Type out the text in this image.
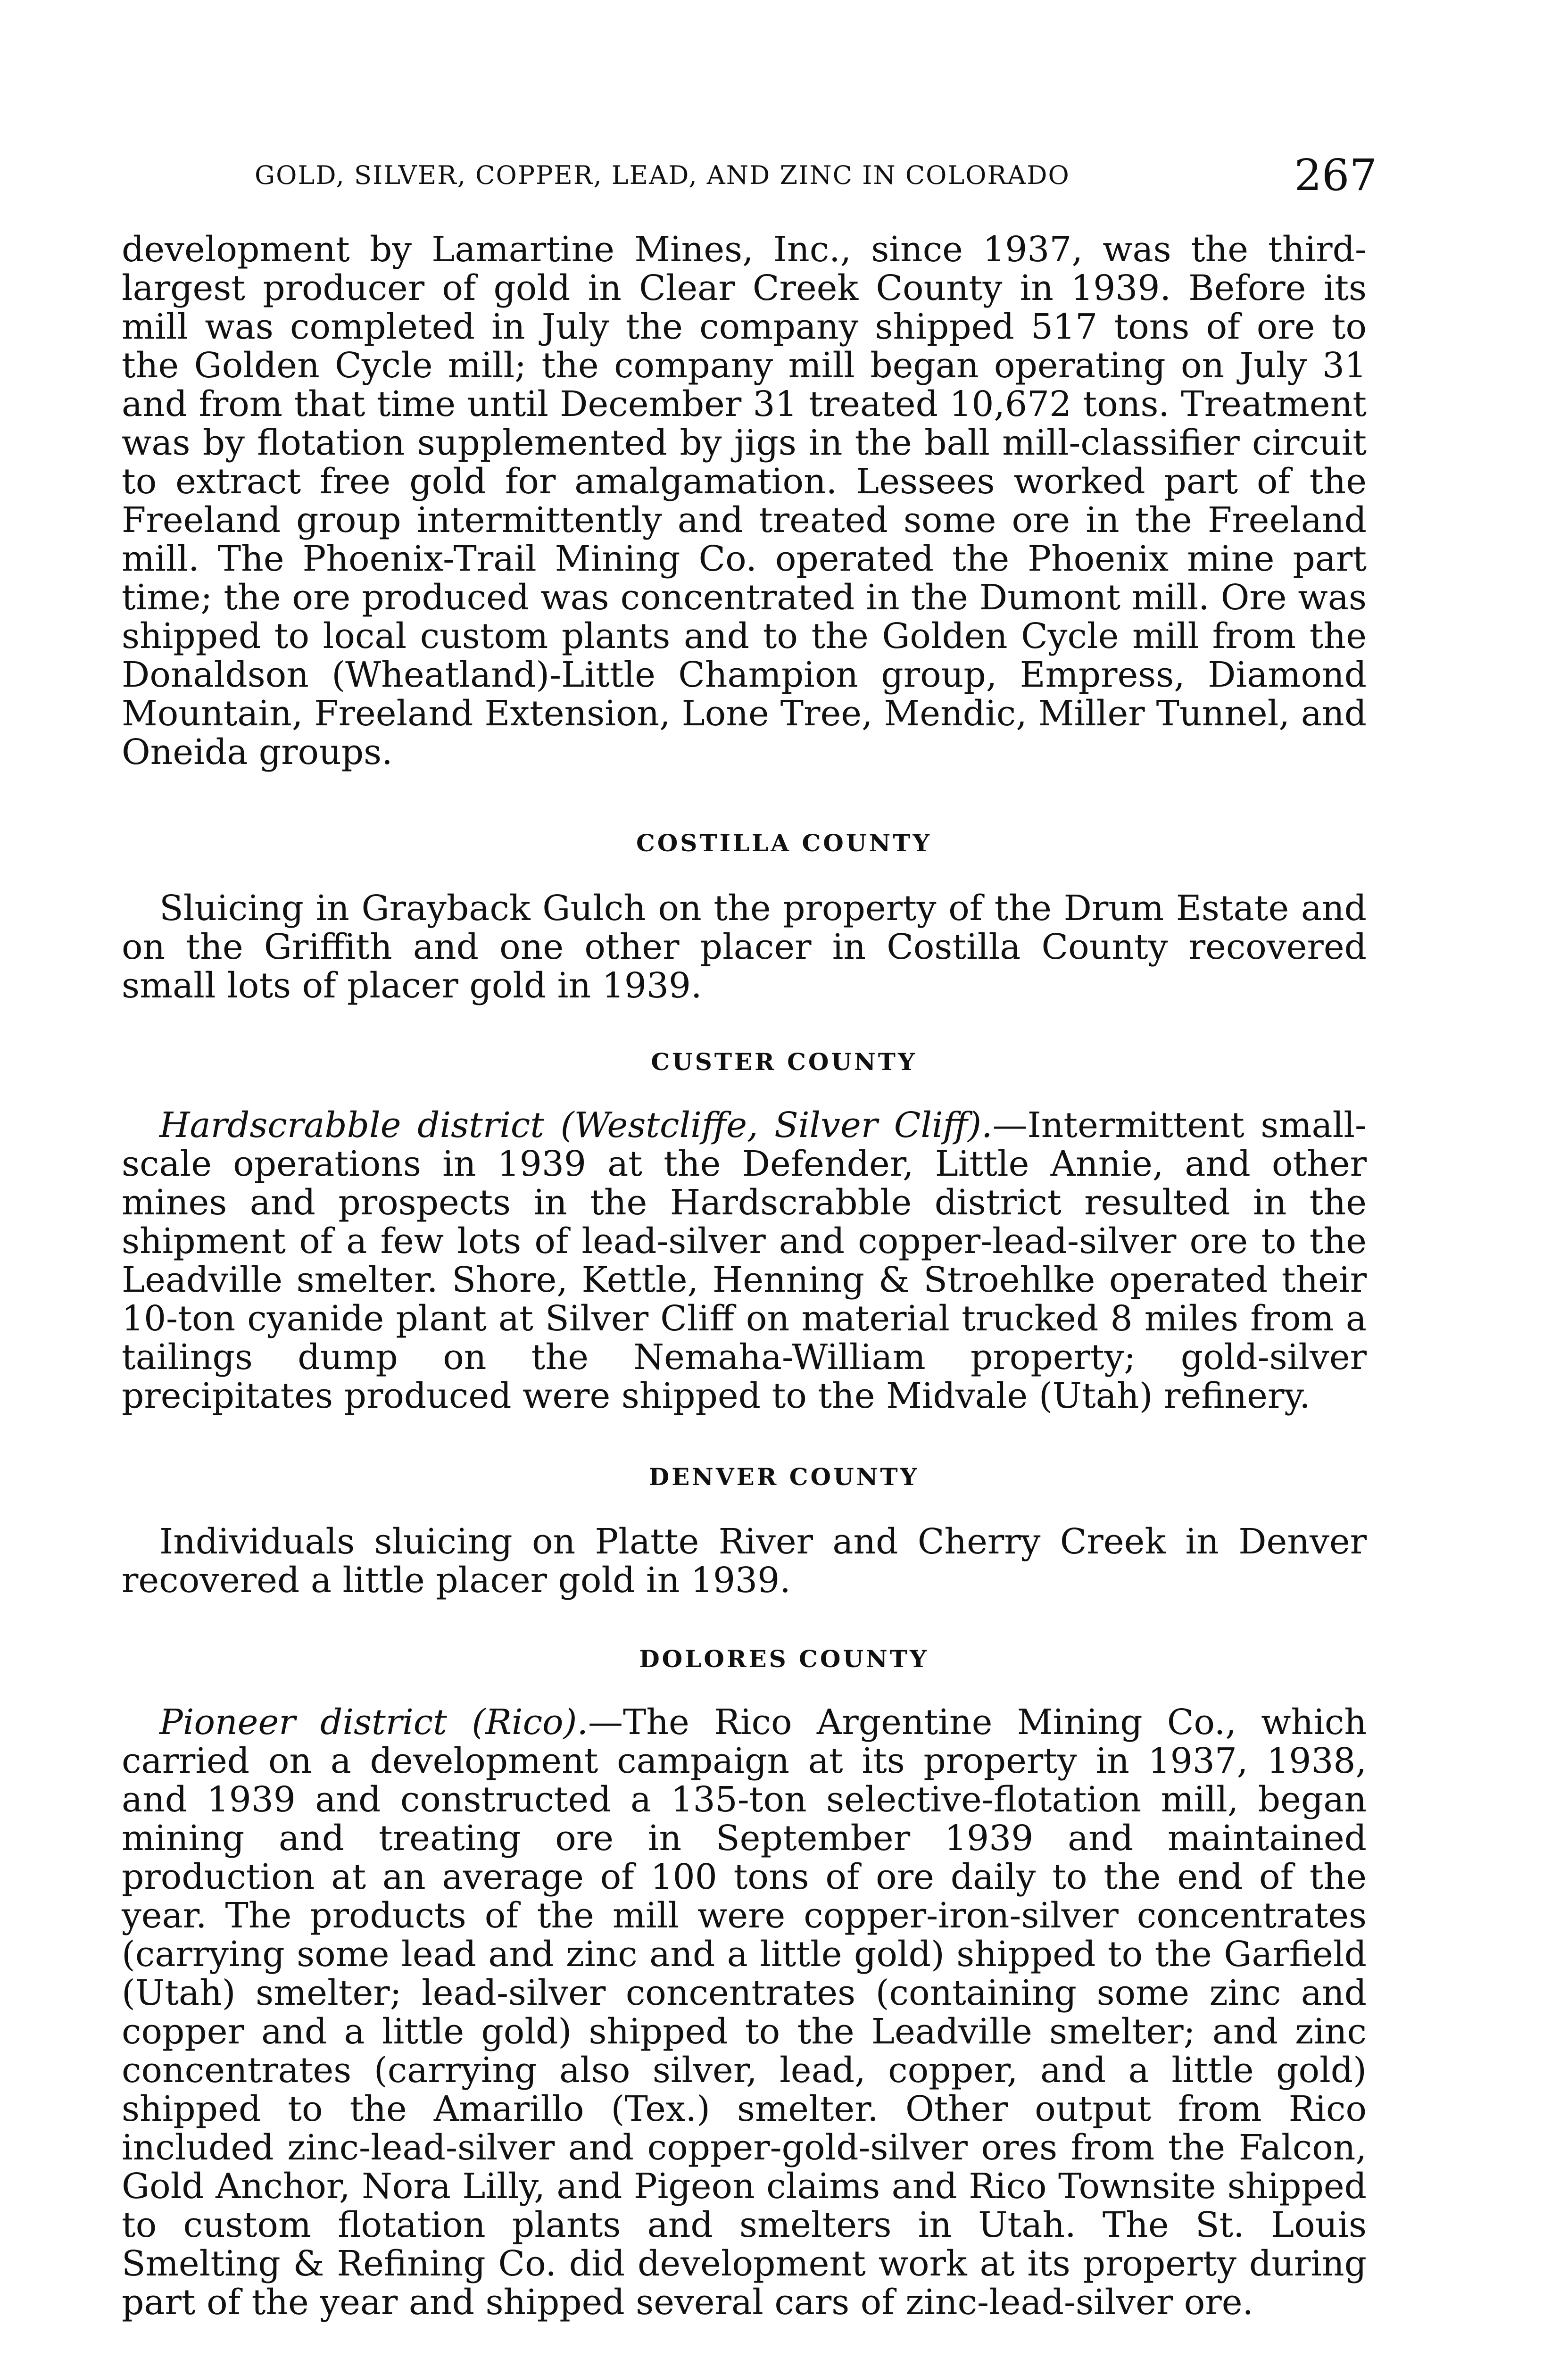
GOLD, SILVER, COPPER, LEAD, AND ZINC IN COLORADO	267

development by Lamartine Mines, Inc., since 1937, was the third-largest producer of gold in Clear Creek County in 1939. Before its mill was completed in July the company shipped 517 tons of ore to the Golden Cycle mill; the company mill began operating on July 31 and from that time until December 31 treated 10,672 tons. Treatment was by flotation supplemented by jigs in the ball mill-classifier circuit to extract free gold for amalgamation. Lessees worked part of the Freeland group intermittently and treated some ore in the Freeland mill. The Phoenix-Trail Mining Co. operated the Phoenix mine part time; the ore produced was concentrated in the Dumont mill. Ore was shipped to local custom plants and to the Golden Cycle mill from the Donaldson (Wheatland)-Little Champion group, Empress, Diamond Mountain, Freeland Extension, Lone Tree, Mendic, Miller Tunnel, and Oneida groups.

COSTILLA COUNTY

Sluicing in Grayback Gulch on the property of the Drum Estate and on the Griffith and one other placer in Costilla County recovered small lots of placer gold in 1939.

CUSTER COUNTY

Hardscrabble district (Westcliffe, Silver Cliff).—Intermittent small-scale operations in 1939 at the Defender, Little Annie, and other mines and prospects in the Hardscrabble district resulted in the shipment of a few lots of lead-silver and copper-lead-silver ore to the Leadville smelter. Shore, Kettle, Henning & Stroehlke operated their 10-ton cyanide plant at Silver Cliff on material trucked 8 miles from a tailings dump on the Nemaha-William property; gold-silver precipitates produced were shipped to the Midvale (Utah) refinery.

DENVER COUNTY

Individuals sluicing on Platte River and Cherry Creek in Denver recovered a little placer gold in 1939.

DOLORES COUNTY

Pioneer district (Rico).—The Rico Argentine Mining Co., which carried on a development campaign at its property in 1937, 1938, and 1939 and constructed a 135-ton selective-flotation mill, began mining and treating ore in September 1939 and maintained production at an average of 100 tons of ore daily to the end of the year. The products of the mill were copper-iron-silver concentrates (carrying some lead and zinc and a little gold) shipped to the Garfield (Utah) smelter; lead-silver concentrates (containing some zinc and copper and a little gold) shipped to the Leadville smelter; and zinc concentrates (carrying also silver, lead, copper, and a little gold) shipped to the Amarillo (Tex.) smelter. Other output from Rico included zinc-lead-silver and copper-gold-silver ores from the Falcon, Gold Anchor, Nora Lilly, and Pigeon claims and Rico Townsite shipped to custom flotation plants and smelters in Utah. The St. Louis Smelting & Refining Co. did development work at its property during part of the year and shipped several cars of zinc-lead-silver ore.
